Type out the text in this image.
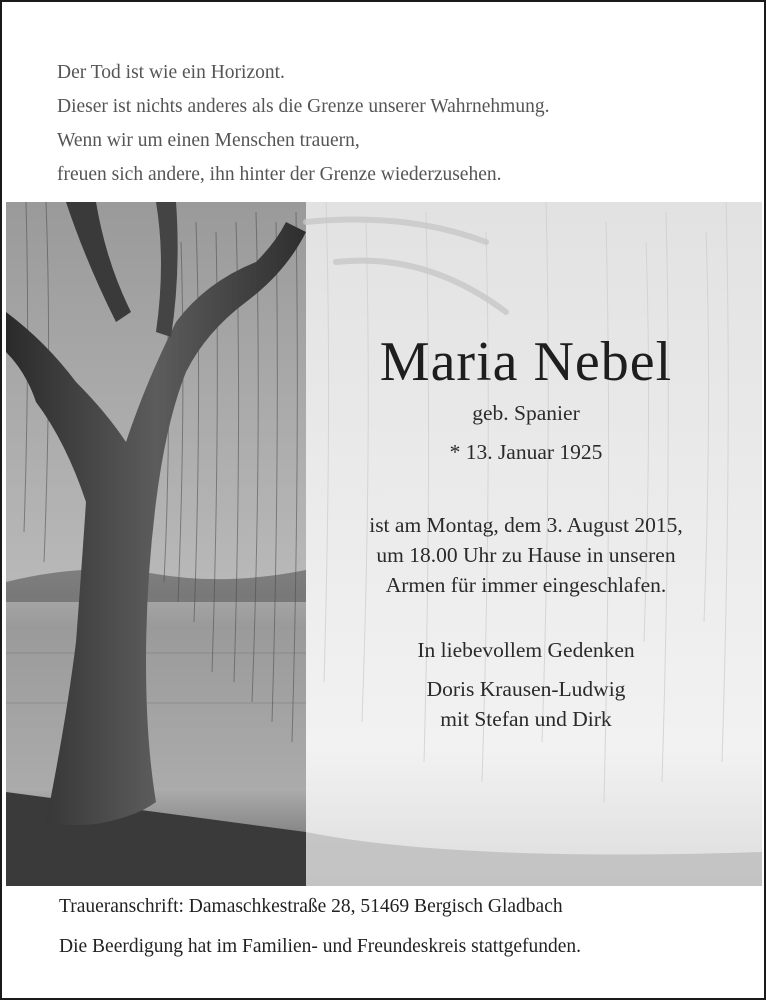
Der Tod ist wie ein Horizont.
Dieser ist nichts anderes als die Grenze unserer Wahrnehmung.
Wenn wir um einen Menschen trauern,
freuen sich andere, ihn hinter der Grenze wiederzusehen.
Maria Nebel
geb. Spanier
* 13. Januar 1925
ist am Montag, dem 3. August 2015,
um 18.00 Uhr zu Hause in unseren
Armen für immer eingeschlafen.
In liebevollem Gedenken
Doris Krausen-Ludwig
mit Stefan und Dirk
Traueranschrift: Damaschkestraße 28, 51469 Bergisch Gladbach
Die Beerdigung hat im Familien- und Freundeskreis stattgefunden.
